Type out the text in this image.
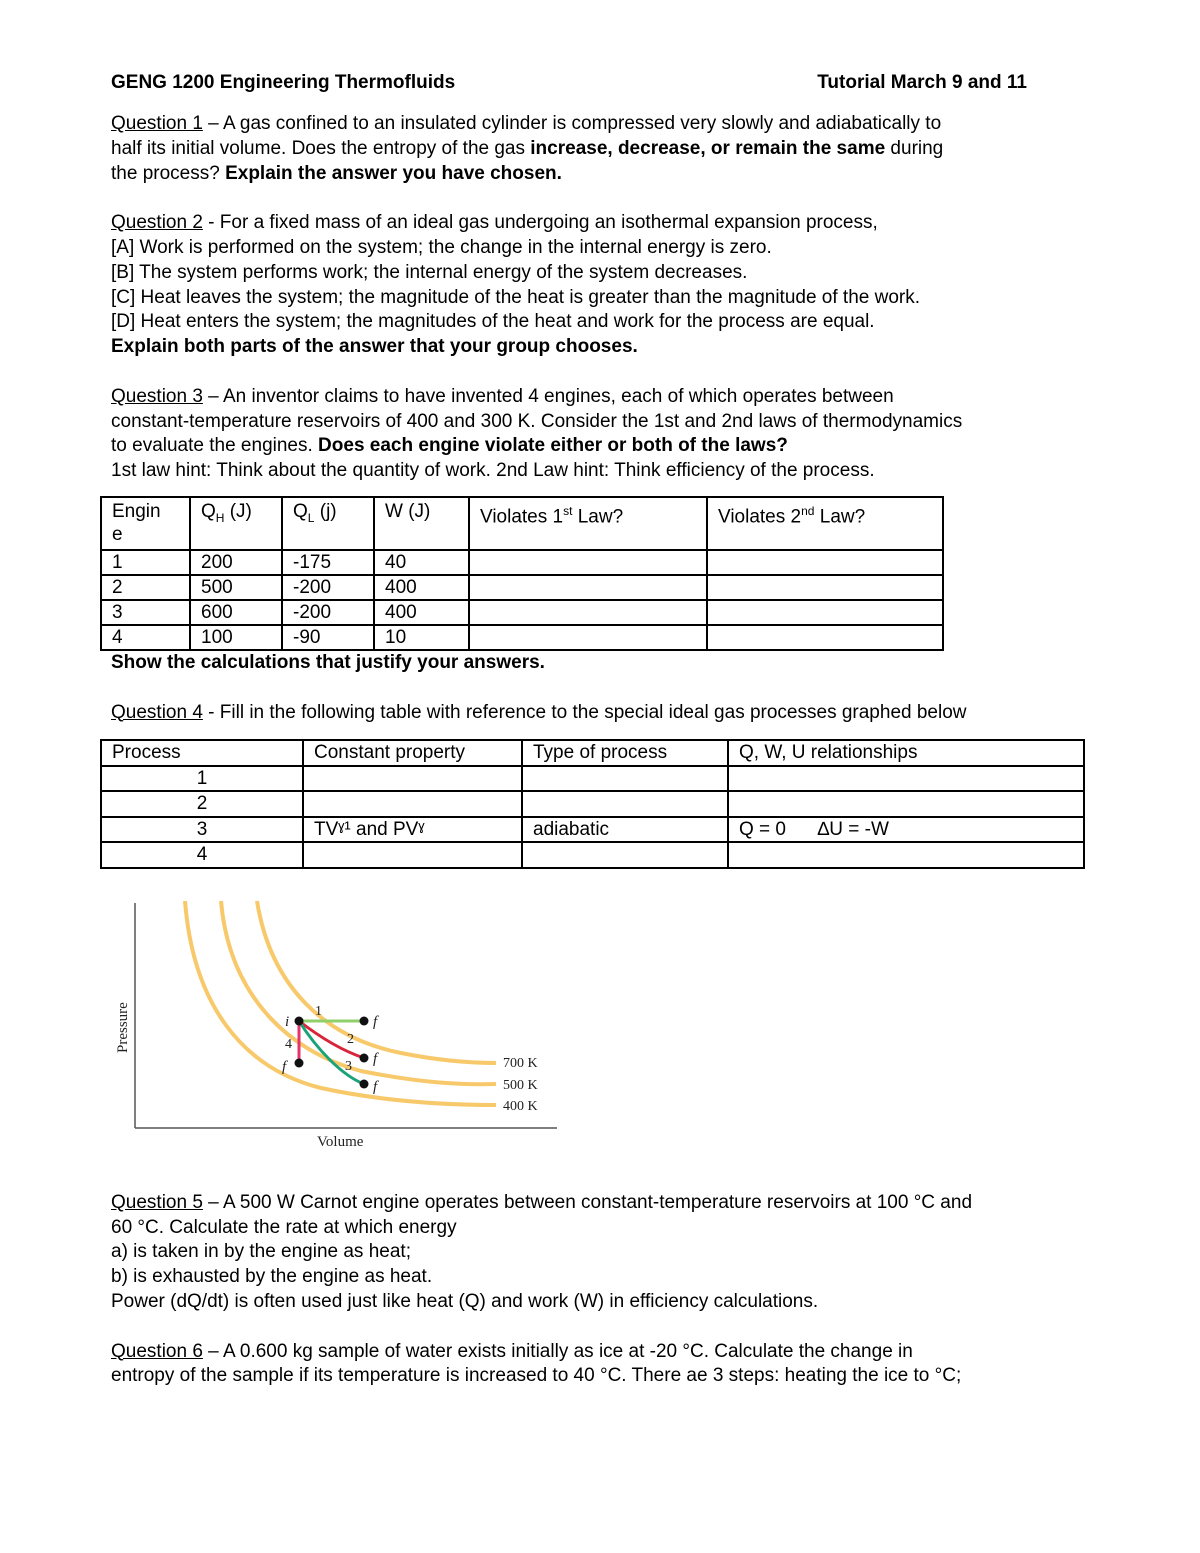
GENG 1200 Engineering Thermofluids	Tutorial March 9 and 11
Question 1 – A gas confined to an insulated cylinder is compressed very slowly and adiabatically to
half its initial volume. Does the entropy of the gas increase, decrease, or remain the same during
the process? Explain the answer you have chosen.
Question 2 - For a fixed mass of an ideal gas undergoing an isothermal expansion process,
[A] Work is performed on the system; the change in the internal energy is zero.
[B] The system performs work; the internal energy of the system decreases.
[C] Heat leaves the system; the magnitude of the heat is greater than the magnitude of the work.
[D] Heat enters the system; the magnitudes of the heat and work for the process are equal.
Explain both parts of the answer that your group chooses.
Question 3 – An inventor claims to have invented 4 engines, each of which operates between
constant-temperature reservoirs of 400 and 300 K. Consider the 1st and 2nd laws of thermodynamics
to evaluate the engines. Does each engine violate either or both of the laws?
1st law hint: Think about the quantity of work. 2nd Law hint: Think efficiency of the process.
Engin
e	$Q_H$ (J)	$Q_L$ (j)	W (J)	Violates 1st Law?	Violates 2nd Law?
1	200	-175	40		
2	500	-200	400		
3	600	-200	400		
4	100	-90	10		
Show the calculations that justify your answers.
Question 4 - Fill in the following table with reference to the special ideal gas processes graphed below
Process	Constant property	Type of process	Q, W, U relationships
1			
2			
3	TVˠ¹ and PVˠ	adiabatic	Q = 0      ∆U = -W
4			
i	f
f
f
f
1
2
3
4
700 K
500 K
400 K
Volume
Pressure
Question 5 – A 500 W Carnot engine operates between constant-temperature reservoirs at 100 °C and
60 °C. Calculate the rate at which energy
a) is taken in by the engine as heat;
b) is exhausted by the engine as heat.
Power (dQ/dt) is often used just like heat (Q) and work (W) in efficiency calculations.
Question 6 – A 0.600 kg sample of water exists initially as ice at -20 °C. Calculate the change in
entropy of the sample if its temperature is increased to 40 °C. There ae 3 steps: heating the ice to °C;
